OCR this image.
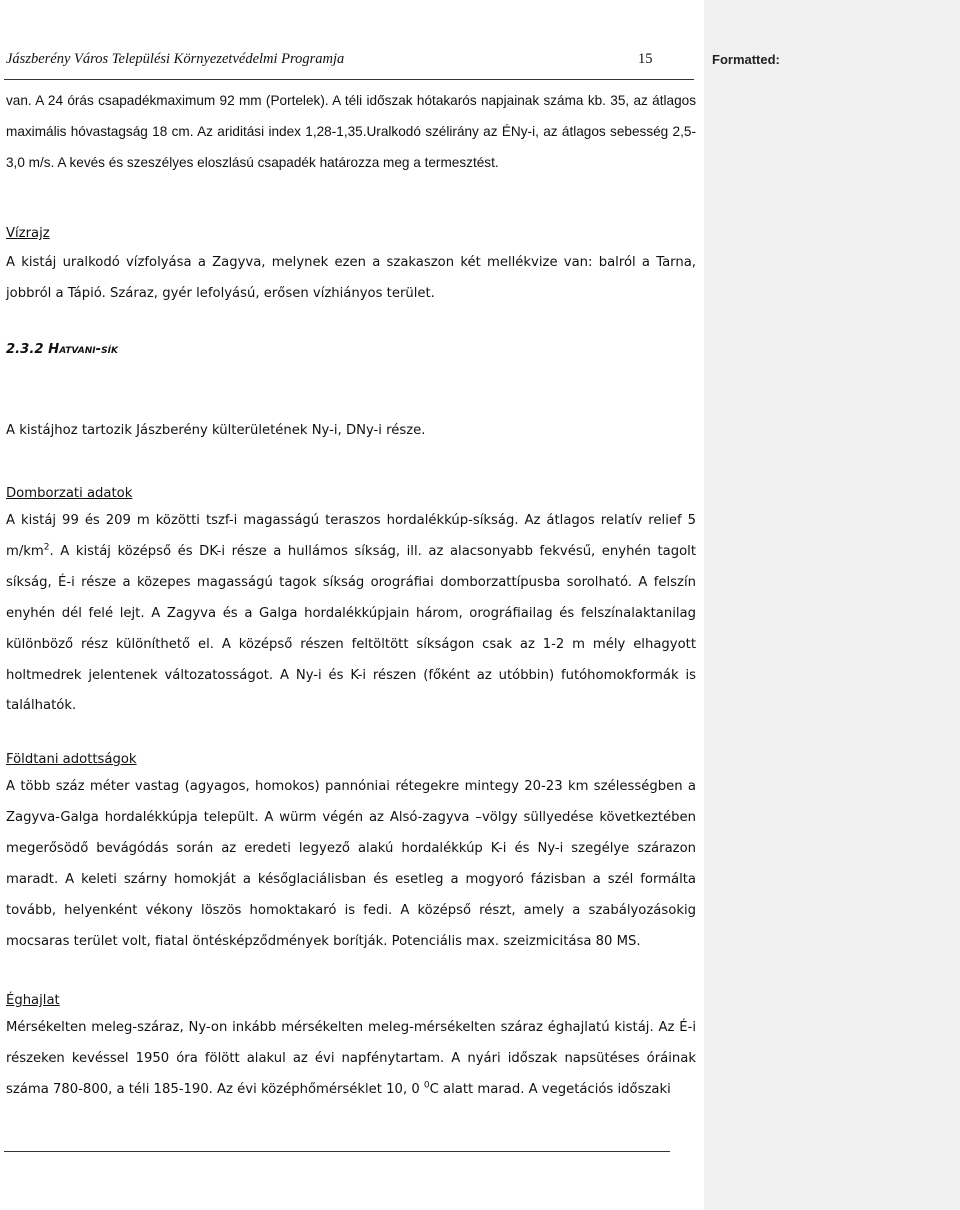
Jászberény Város Települési Környezetvédelmi Programja	15

van. A 24 órás csapadékmaximum 92 mm (Portelek). A téli időszak hótakarós napjainak száma kb. 35, az átlagos maximális hóvastagság 18 cm. Az ariditási index 1,28-1,35.Uralkodó szélirány az ÉNy-i, az átlagos sebesség 2,5-3,0 m/s. A kevés és szeszélyes eloszlású csapadék határozza meg a termesztést.

Vízrajz

A kistáj uralkodó vízfolyása a Zagyva, melynek ezen a szakaszon két mellékvize van: balról a Tarna, jobbról a Tápió. Száraz, gyér lefolyású, erősen vízhiányos terület.

2.3.2 Hatvani-sík

A kistájhoz tartozik Jászberény külterületének Ny-i, DNy-i része.

Domborzati adatok

A kistáj 99 és 209 m közötti tszf-i magasságú teraszos hordalékkúp-síkság. Az átlagos relatív relief 5 $m/km^2$. A kistáj középső és DK-i része a hullámos síkság, ill. az alacsonyabb fekvésű, enyhén tagolt síkság, É-i része a közepes magasságú tagok síkság orográfiai domborzattípusba sorolható. A felszín enyhén dél felé lejt. A Zagyva és a Galga hordalékkúpjain három, orográfiailag és felszínalaktanilag különböző rész különíthető el. A középső részen feltöltött síkságon csak az 1-2 m mély elhagyott holtmedrek jelentenek változatosságot. A Ny-i és K-i részen (főként az utóbbin) futóhomokformák is találhatók.

Földtani adottságok

A több száz méter vastag (agyagos, homokos) pannóniai rétegekre mintegy 20-23 km szélességben a Zagyva-Galga hordalékkúpja települt. A würm végén az Alsó-zagyva –völgy süllyedése következtében megerősödő bevágódás során az eredeti legyező alakú hordalékkúp K-i és Ny-i szegélye szárazon maradt. A keleti szárny homokját a későglaciálisban és esetleg a mogyoró fázisban a szél formálta tovább, helyenként vékony löszös homoktakaró is fedi. A középső részt, amely a szabályozásokig mocsaras terület volt, fiatal öntésképződmények borítják. Potenciális max. szeizmicitása 80 MS.

Éghajlat

Mérsékelten meleg-száraz, Ny-on inkább mérsékelten meleg-mérsékelten száraz éghajlatú kistáj. Az É-i részeken kevéssel 1950 óra fölött alakul az évi napfénytartam. A nyári időszak napsütéses óráinak száma 780-800, a téli 185-190. Az évi középhőmérséklet 10, 0 $^0$C alatt marad. A vegetációs időszaki

Formatted:
